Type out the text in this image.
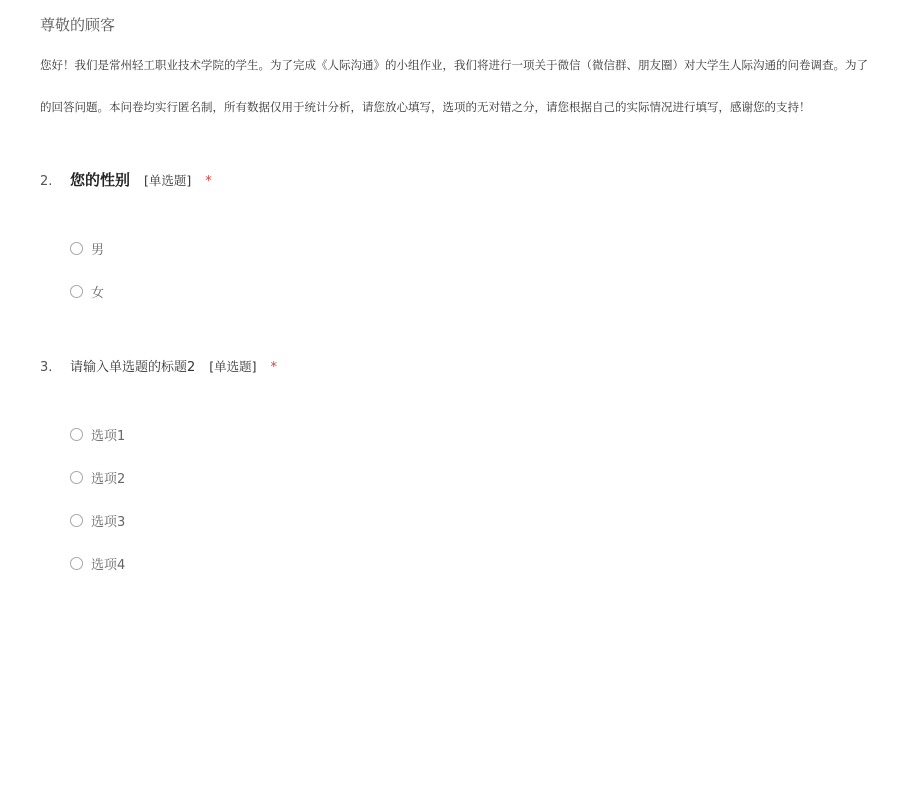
尊敬的顾客
您好！我们是常州轻工职业技术学院的学生。为了完成《人际沟通》的小组作业，我们将进行一项关于微信（微信群、朋友圈）对大学生人际沟通的问卷调查。为了
的回答问题。本问卷均实行匿名制，所有数据仅用于统计分析，请您放心填写，选项的无对错之分，请您根据自己的实际情况进行填写，感谢您的支持！
2.	您的性别 [单选题] *
男
女
3.	请输入单选题的标题2 [单选题] *
选项1
选项2
选项3
选项4
